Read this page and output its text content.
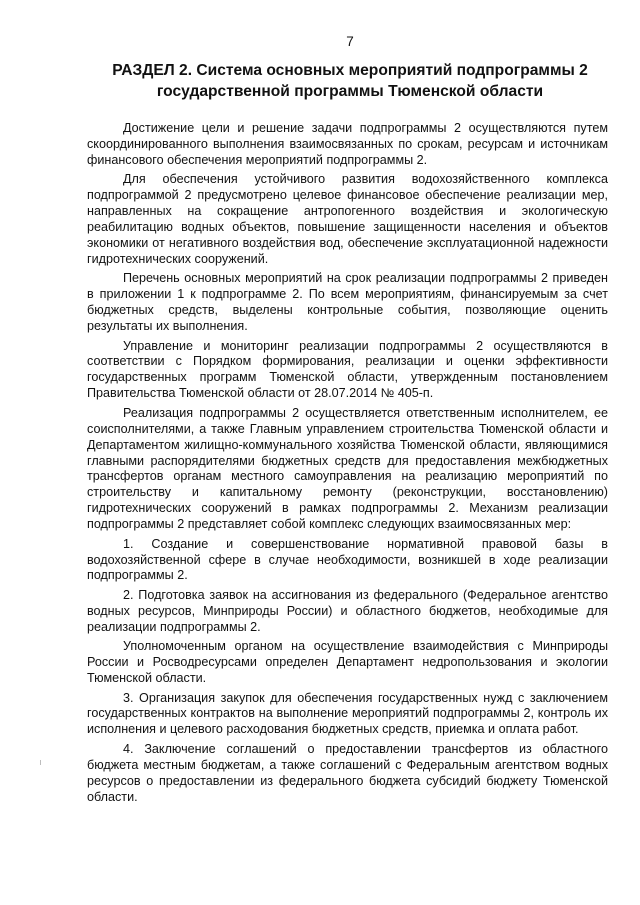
7
РАЗДЕЛ 2. Система основных мероприятий подпрограммы 2
государственной программы Тюменской области

Достижение цели и решение задачи подпрограммы 2 осуществляются путем скоординированного выполнения взаимосвязанных по срокам, ресурсам и источникам финансового обеспечения мероприятий подпрограммы 2.

Для обеспечения устойчивого развития водохозяйственного комплекса подпрограммой 2 предусмотрено целевое финансовое обеспечение реализации мер, направленных на сокращение антропогенного воздействия и экологическую реабилитацию водных объектов, повышение защищенности населения и объектов экономики от негативного воздействия вод, обеспечение эксплуатационной надежности гидротехнических сооружений.

Перечень основных мероприятий на срок реализации подпрограммы 2 приведен в приложении 1 к подпрограмме 2. По всем мероприятиям, финансируемым за счет бюджетных средств, выделены контрольные события, позволяющие оценить результаты их выполнения.

Управление и мониторинг реализации подпрограммы 2 осуществляются в соответствии с Порядком формирования, реализации и оценки эффективности государственных программ Тюменской области, утвержденным постановлением Правительства Тюменской области от 28.07.2014 № 405-п.

Реализация подпрограммы 2 осуществляется ответственным исполнителем, ее соисполнителями, а также Главным управлением строительства Тюменской области и Департаментом жилищно-коммунального хозяйства Тюменской области, являющимися главными распорядителями бюджетных средств для предоставления межбюджетных трансфертов органам местного самоуправления на реализацию мероприятий по строительству и капитальному ремонту (реконструкции, восстановлению) гидротехнических сооружений в рамках подпрограммы 2. Механизм реализации подпрограммы 2 представляет собой комплекс следующих взаимосвязанных мер:

1. Создание и совершенствование нормативной правовой базы в водохозяйственной сфере в случае необходимости, возникшей в ходе реализации подпрограммы 2.

2. Подготовка заявок на ассигнования из федерального (Федеральное агентство водных ресурсов, Минприроды России) и областного бюджетов, необходимые для реализации подпрограммы 2.

Уполномоченным органом на осуществление взаимодействия с Минприроды России и Росводресурсами определен Департамент недропользования и экологии Тюменской области.

3. Организация закупок для обеспечения государственных нужд с заключением государственных контрактов на выполнение мероприятий подпрограммы 2, контроль их исполнения и целевого расходования бюджетных средств, приемка и оплата работ.

4. Заключение соглашений о предоставлении трансфертов из областного бюджета местным бюджетам, а также соглашений с Федеральным агентством водных ресурсов о предоставлении из федерального бюджета субсидий бюджету Тюменской области.
